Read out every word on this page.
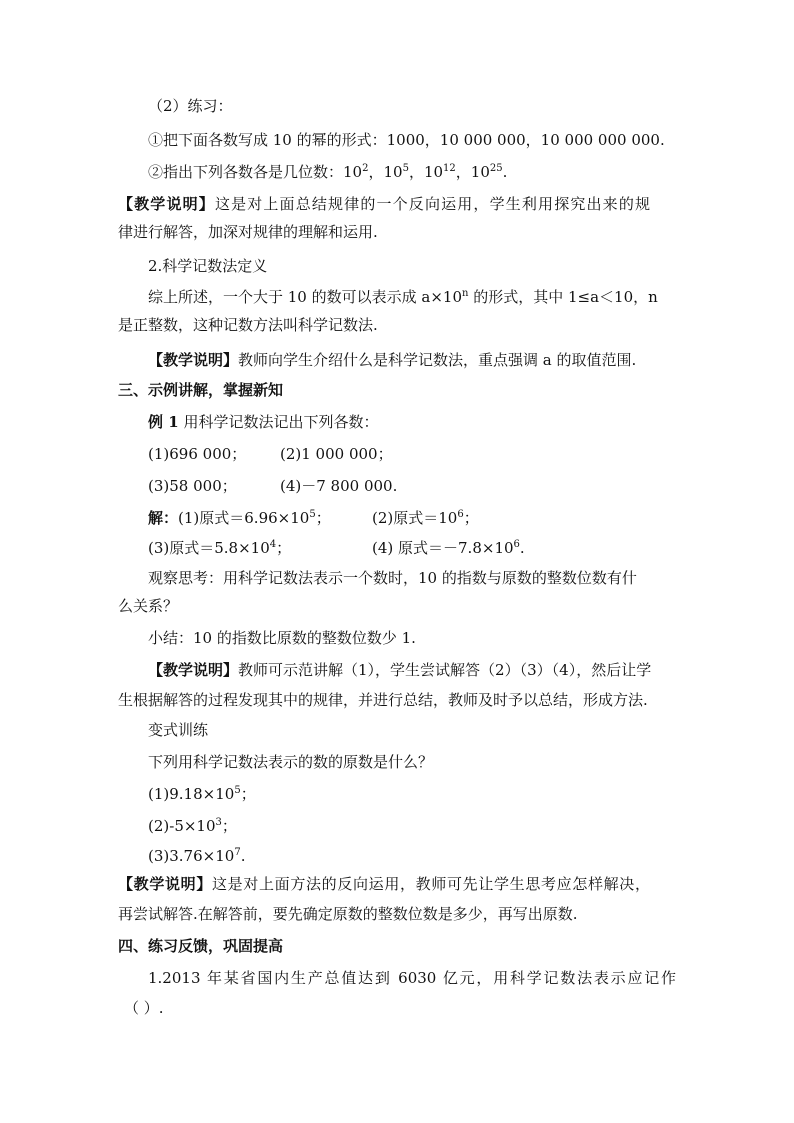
（2）练习：
①把下面各数写成 10 的幂的形式：1000，10 000 000，10 000 000 000.
②指出下列各数各是几位数：$10^2$，$10^5$，$10^{12}$，$10^{25}$.
【教学说明】这是对上面总结规律的一个反向运用，学生利用探究出来的规
律进行解答，加深对规律的理解和运用.
2.科学记数法定义
综上所述，一个大于 10 的数可以表示成 $a\times 10^n$ 的形式，其中 1≤a＜10，n
是正整数，这种记数方法叫科学记数法.
【教学说明】教师向学生介绍什么是科学记数法，重点强调 a 的取值范围.
三、示例讲解，掌握新知
例 1 用科学记数法记出下列各数：
(1)696 000； (2)1 000 000；
(3)58 000；	(4)－7 800 000.
解：(1)原式$=6.96\times 10^5$；	(2)原式$=10^6$；
(3)原式$=5.8\times 10^4$；	(4) 原式$=-7.8\times 10^6$.
观察思考：用科学记数法表示一个数时，10 的指数与原数的整数位数有什
么关系？
小结：10 的指数比原数的整数位数少 1.
【教学说明】教师可示范讲解（1），学生尝试解答（2）（3）（4），然后让学
生根据解答的过程发现其中的规律，并进行总结，教师及时予以总结，形成方法.
变式训练
下列用科学记数法表示的数的原数是什么？
$(1)9.18\times 10^5$；
$(2)-5\times 10^3$；
$(3)3.76\times 10^7$.
【教学说明】这是对上面方法的反向运用，教师可先让学生思考应怎样解决，
再尝试解答.在解答前，要先确定原数的整数位数是多少，再写出原数.
四、练习反馈，巩固提高
1.2013 年某省国内生产总值达到 6030 亿元，用科学记数法表示应记作
（ ）.
